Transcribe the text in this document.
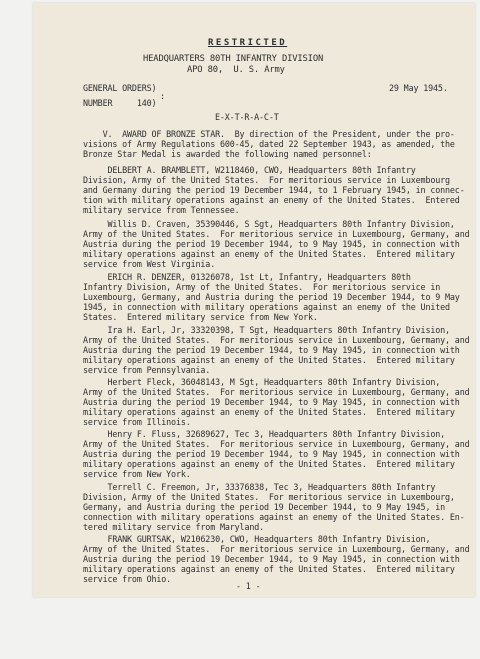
RESTRICTED
HEADQUARTERS 80TH INFANTRY DIVISION
APO 80,  U. S. Army
GENERAL ORDERS)
:
NUMBER     140)
29 May 1945.
E-X-T-R-A-C-T
V.  AWARD OF BRONZE STAR.  By direction of the President, under the pro-
visions of Army Regulations 600-45, dated 22 September 1943, as amended, the
Bronze Star Medal is awarded the following named personnel:
DELBERT A. BRAMBLETT, W2118460, CWO, Headquarters 80th Infantry
Division, Army of the United States.  For meritorious service in Luxembourg
and Germany during the period 19 December 1944, to 1 February 1945, in connec-
tion with military operations against an enemy of the United States.  Entered
military service from Tennessee.
Willis D. Craven, 35390446, S Sgt, Headquarters 80th Infantry Division,
Army of the United States.  For meritorious service in Luxembourg, Germany, and
Austria during the period 19 December 1944, to 9 May 1945, in connection with
military operations against an enemy of the United States.  Entered military
service from West Virginia.
ERICH R. DENZER, 01326078, 1st Lt, Infantry, Headquarters 80th
Infantry Division, Army of the United States.  For meritorious service in
Luxembourg, Germany, and Austria during the period 19 December 1944, to 9 May
1945, in connection with military operations against an enemy of the United
States.  Entered military service from New York.
Ira H. Earl, Jr, 33320398, T Sgt, Headquarters 80th Infantry Division,
Army of the United States.  For meritorious service in Luxembourg, Germany, and
Austria during the period 19 December 1944, to 9 May 1945, in connection with
military operations against an enemy of the United States.  Entered military
service from Pennsylvania.
Herbert Fleck, 36048143, M Sgt, Headquarters 80th Infantry Division,
Army of the United States.  For meritorious service in Luxembourg, Germany, and
Austria during the period 19 December 1944, to 9 May 1945, in connection with
military operations against an enemy of the United States.  Entered military
service from Illinois.
Henry F. Fluss, 32689627, Tec 3, Headquarters 80th Infantry Division,
Army of the United States.  For meritorious service in Luxembourg, Germany, and
Austria during the period 19 December 1944, to 9 May 1945, in connection with
military operations against an enemy of the United States.  Entered military
service from New York.
Terrell C. Freemon, Jr, 33376838, Tec 3, Headquarters 80th Infantry
Division, Army of the United States.  For meritorious service in Luxembourg,
Germany, and Austria during the period 19 December 1944, to 9 May 1945, in
connection with military operations against an enemy of the United States. En-
tered military service from Maryland.
FRANK GURTSAK, W2106230, CWO, Headquarters 80th Infantry Division,
Army of the United States.  For meritorious service in Luxembourg, Germany, and
Austria during the period 19 December 1944, to 9 May 1945, in connection with
military operations against an enemy of the United States.  Entered military
service from Ohio.
- 1 -
